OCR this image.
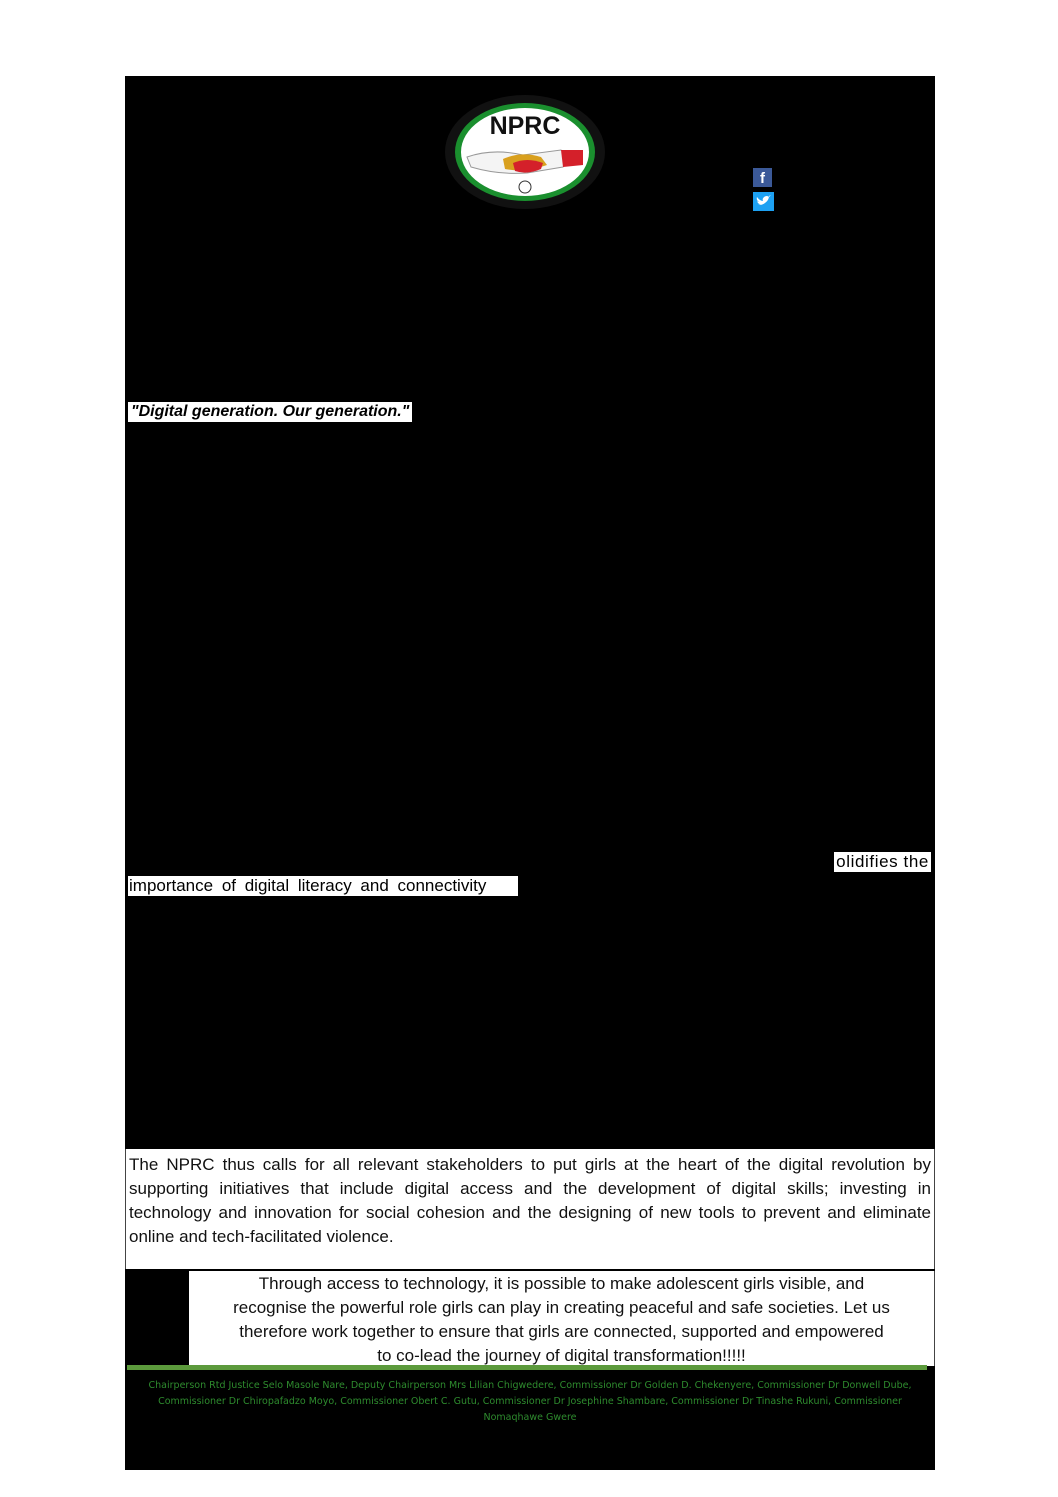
NPRC
f
"Digital generation. Our generation."
olidifies the
importance of digital literacy and connectivity

The NPRC thus calls for all relevant stakeholders to put girls at the heart of the digital revolution by supporting initiatives that include digital access and the development of digital skills; investing in technology and innovation for social cohesion and the designing of new tools to prevent and eliminate online and tech-facilitated violence.

Through access to technology, it is possible to make adolescent girls visible, and

recognise the powerful role girls can play in creating peaceful and safe societies. Let us

therefore work together to ensure that girls are connected, supported and empowered

to co-lead the journey of digital transformation!!!!!

Chairperson Rtd Justice Selo Masole Nare, Deputy Chairperson Mrs Lilian Chigwedere, Commissioner Dr Golden D. Chekenyere, Commissioner Dr Donwell Dube, Commissioner Dr Chiropafadzo Moyo, Commissioner Obert C. Gutu, Commissioner Dr Josephine Shambare, Commissioner Dr Tinashe Rukuni, Commissioner Nomaqhawe Gwere
